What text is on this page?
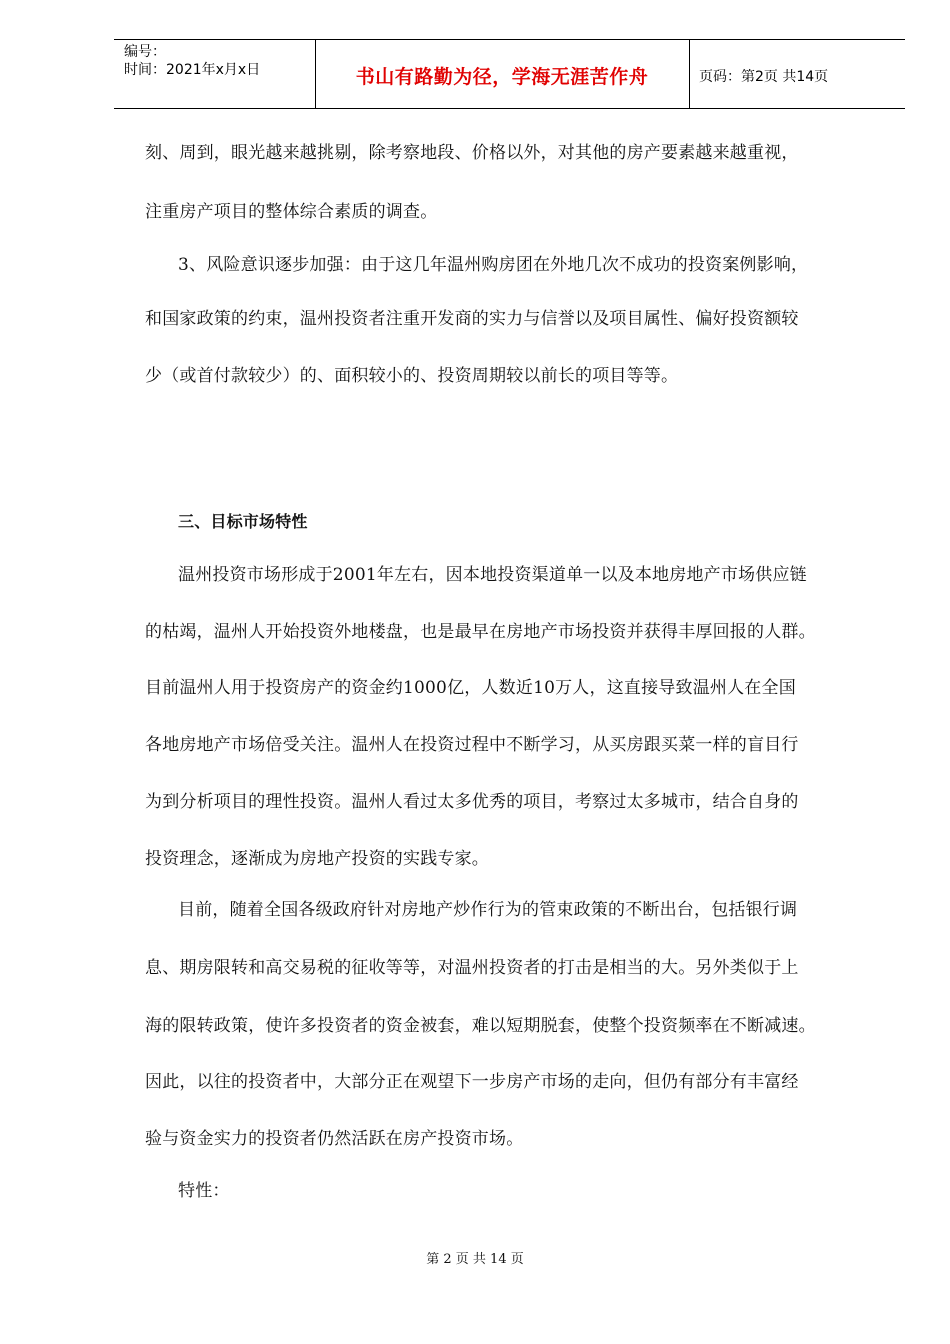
编号：
时间：2021年x月x日	书山有路勤为径，学海无涯苦作舟	页码：第2页 共14页
刻、周到，眼光越来越挑剔，除考察地段、价格以外，对其他的房产要素越来越重视，
注重房产项目的整体综合素质的调查。
3、风险意识逐步加强：由于这几年温州购房团在外地几次不成功的投资案例影响，
和国家政策的约束，温州投资者注重开发商的实力与信誉以及项目属性、偏好投资额较
少（或首付款较少）的、面积较小的、投资周期较以前长的项目等等。
三、目标市场特性
温州投资市场形成于2001年左右，因本地投资渠道单一以及本地房地产市场供应链
的枯竭，温州人开始投资外地楼盘，也是最早在房地产市场投资并获得丰厚回报的人群。
目前温州人用于投资房产的资金约1000亿，人数近10万人，这直接导致温州人在全国
各地房地产市场倍受关注。温州人在投资过程中不断学习，从买房跟买菜一样的盲目行
为到分析项目的理性投资。温州人看过太多优秀的项目，考察过太多城市，结合自身的
投资理念，逐渐成为房地产投资的实践专家。
目前，随着全国各级政府针对房地产炒作行为的管束政策的不断出台，包括银行调
息、期房限转和高交易税的征收等等，对温州投资者的打击是相当的大。另外类似于上
海的限转政策，使许多投资者的资金被套，难以短期脱套，使整个投资频率在不断减速。
因此，以往的投资者中，大部分正在观望下一步房产市场的走向，但仍有部分有丰富经
验与资金实力的投资者仍然活跃在房产投资市场。
特性：
第 2 页 共 14 页
